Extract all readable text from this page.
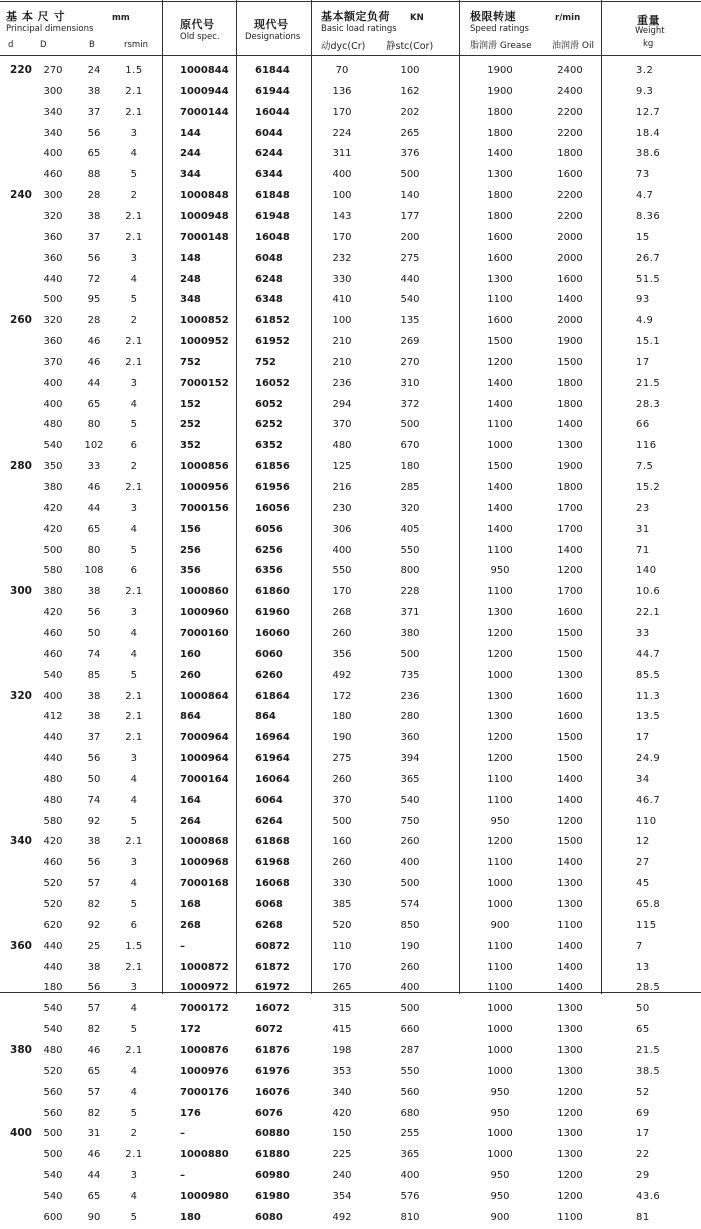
基 本 尺 寸	mm
Principal dimensions
d	D	B	rsmin
原代号
Old spec.
现代号
Designations
基本额定负荷 KN
Basic load ratings
动dyc(Cr) 静stc(Cor)
极限转速	r/min
Speed ratings
脂润滑 Grease 油润滑 Oil
重量
Weight
kg
220	270	24	1.5	1000844	61844	70	100	1900	2400	3.2
300	38	2.1	1000944	61944	136	162	1900	2400	9.3
340	37	2.1	7000144	16044	170	202	1800	2200	12.7
340	56	3	144	6044	224	265	1800	2200	18.4
400	65	4	244	6244	311	376	1400	1800	38.6
460	88	5	344	6344	400	500	1300	1600	73
240	300	28	2	1000848	61848	100	140	1800	2200	4.7
320	38	2.1	1000948	61948	143	177	1800	2200	8.36
360	37	2.1	7000148	16048	170	200	1600	2000	15
360	56	3	148	6048	232	275	1600	2000	26.7
440	72	4	248	6248	330	440	1300	1600	51.5
500	95	5	348	6348	410	540	1100	1400	93
260	320	28	2	1000852	61852	100	135	1600	2000	4.9
360	46	2.1	1000952	61952	210	269	1500	1900	15.1
370	46	2.1	752	752	210	270	1200	1500	17
400	44	3	7000152	16052	236	310	1400	1800	21.5
400	65	4	152	6052	294	372	1400	1800	28.3
480	80	5	252	6252	370	500	1100	1400	66
540	102	6	352	6352	480	670	1000	1300	116
280	350	33	2	1000856	61856	125	180	1500	1900	7.5
380	46	2.1	1000956	61956	216	285	1400	1800	15.2
420	44	3	7000156	16056	230	320	1400	1700	23
420	65	4	156	6056	306	405	1400	1700	31
500	80	5	256	6256	400	550	1100	1400	71
580	108	6	356	6356	550	800	950	1200	140
300	380	38	2.1	1000860	61860	170	228	1100	1700	10.6
420	56	3	1000960	61960	268	371	1300	1600	22.1
460	50	4	7000160	16060	260	380	1200	1500	33
460	74	4	160	6060	356	500	1200	1500	44.7
540	85	5	260	6260	492	735	1000	1300	85.5
320	400	38	2.1	1000864	61864	172	236	1300	1600	11.3
412	38	2.1	864	864	180	280	1300	1600	13.5
440	37	2.1	7000964	16964	190	360	1200	1500	17
440	56	3	1000964	61964	275	394	1200	1500	24.9
480	50	4	7000164	16064	260	365	1100	1400	34
480	74	4	164	6064	370	540	1100	1400	46.7
580	92	5	264	6264	500	750	950	1200	110
340	420	38	2.1	1000868	61868	160	260	1200	1500	12
460	56	3	1000968	61968	260	400	1100	1400	27
520	57	4	7000168	16068	330	500	1000	1300	45
520	82	5	168	6068	385	574	1000	1300	65.8
620	92	6	268	6268	520	850	900	1100	115
360	440	25	1.5	–	60872	110	190	1100	1400	7
440	38	2.1	1000872	61872	170	260	1100	1400	13
180	56	3	1000972	61972	265	400	1100	1400	28.5
540	57	4	7000172	16072	315	500	1000	1300	50
540	82	5	172	6072	415	660	1000	1300	65
380	480	46	2.1	1000876	61876	198	287	1000	1300	21.5
520	65	4	1000976	61976	353	550	1000	1300	38.5
560	57	4	7000176	16076	340	560	950	1200	52
560	82	5	176	6076	420	680	950	1200	69
400	500	31	2	–	60880	150	255	1000	1300	17
500	46	2.1	1000880	61880	225	365	1000	1300	22
540	44	3	–	60980	240	400	950	1200	29
540	65	4	1000980	61980	354	576	950	1200	43.6
600	90	5	180	6080	492	810	900	1100	81
